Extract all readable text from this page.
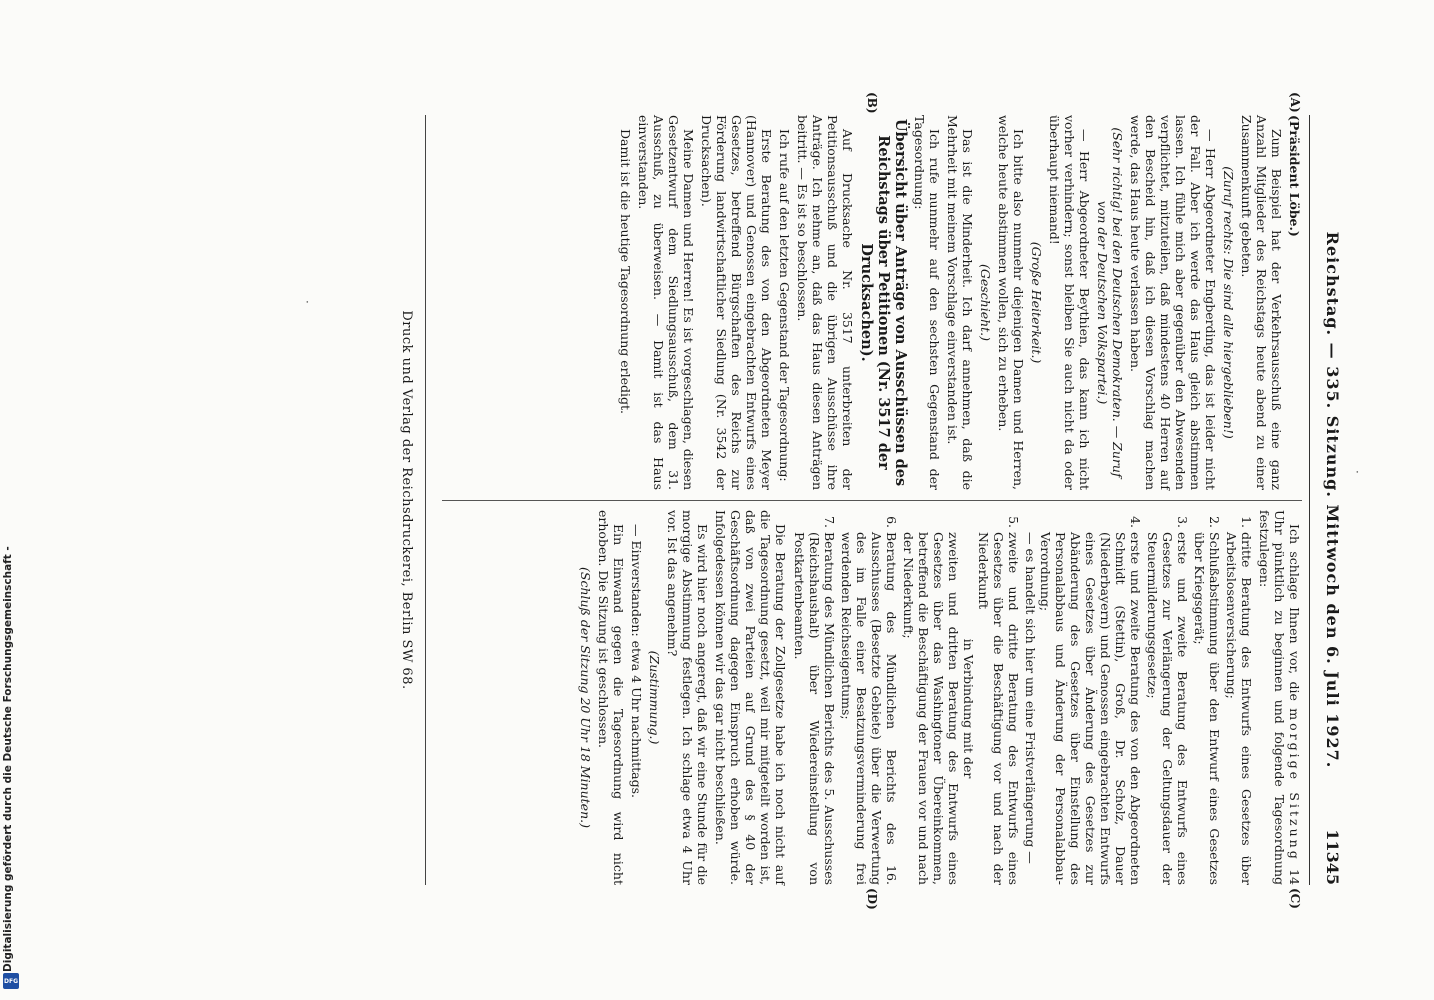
Reichstag. — 335. Sitzung. Mittwoch den 6. Juli 1927.
11345
(A)
(B)
(C)
(D)

(Präsident Löbe.)

Zum Beispiel hat der Verkehrsausschuß eine ganz Anzahl Mitglieder des Reichstags heute abend zu einer Zusammenkunft gebeten.

(Zuruf rechts: Die sind alle hiergeblieben!)

— Herr Abgeordneter Engberding, das ist leider nicht der Fall. Aber ich werde das Haus gleich abstimmen lassen. Ich fühle mich aber gegenüber den Abwesenden verpflichtet, mitzuteilen, daß mindestens 40 Herren auf den Bescheid hin, daß ich diesen Vorschlag machen werde, das Haus heute verlassen haben.

(Sehr richtig! bei den Deutschen Demokraten. — Zuruf von der Deutschen Volkspartei.)

— Herr Abgeordneter Beythien, das kann ich nicht vorher verhindern; sonst bleiben Sie auch nicht da oder überhaupt niemand!

(Große Heiterkeit.)

Ich bitte also nunmehr diejenigen Damen und Herren, welche heute abstimmen wollen, sich zu erheben.

(Geschieht.)

Das ist die Minderheit. Ich darf annehmen, daß die Mehrheit mit meinem Vorschlage einverstanden ist.

Ich rufe nunmehr auf den sechsten Gegenstand der Tagesordnung:

Übersicht über Anträge von Ausschüssen des Reichstags über Petitionen (Nr. 3517 der Drucksachen).

Auf Drucksache Nr. 3517 unterbreiten der Petitionsausschuß und die übrigen Ausschüsse ihre Anträge. Ich nehme an, daß das Haus diesen Anträgen beitritt. — Es ist so beschlossen.

Ich rufe auf den letzten Gegenstand der Tagesordnung:

Erste Beratung des von den Abgeordneten Meyer (Hannover) und Genossen eingebrachten Entwurfs eines Gesetzes, betreffend Bürgschaften des Reichs zur Förderung landwirtschaftlicher Siedlung (Nr. 3542 der Drucksachen).

Meine Damen und Herren! Es ist vorgeschlagen, diesen Gesetzentwurf dem Siedlungsausschuß, dem 31. Ausschuß, zu überweisen. — Damit ist das Haus einverstanden.

Damit ist die heutige Tagesordnung erledigt.

Ich schlage Ihnen vor, die morgige Sitzung 14 Uhr pünktlich zu beginnen und folgende Tagesordnung festzulegen:

1. dritte Beratung des Entwurfs eines Gesetzes über Arbeitslosenversicherung;
2. Schlußabstimmung über den Entwurf eines Gesetzes über Kriegsgerät;
3. erste und zweite Beratung des Entwurfs eines Gesetzes zur Verlängerung der Geltungsdauer der Steuermilderungsgesetze;
4. erste und zweite Beratung des von den Abgeordneten Schmidt (Stettin), Groß, Dr. Scholz, Dauer (Niederbayern) und Genossen eingebrachten Entwurfs eines Gesetzes über Änderung des Gesetzes zur Abänderung des Gesetzes über Einstellung des Personalabbaus und Änderung der Personalabbau-Verordnung;
— es handelt sich hier um eine Fristverlängerung —
5. zweite und dritte Beratung des Entwurfs eines Gesetzes über die Beschäftigung vor und nach der Niederkunft
in Verbindung mit der
zweiten und dritten Beratung des Entwurfs eines Gesetzes über das Washingtoner Übereinkommen, betreffend die Beschäftigung der Frauen vor und nach der Niederkunft;
6. Beratung des Mündlichen Berichts des 16. Ausschusses (Besetzte Gebiete) über die Verwertung des im Falle einer Besatzungsverminderung frei werdenden Reichseigentums;
7. Beratung des Mündlichen Berichts des 5. Ausschusses (Reichshaushalt) über Wiedereinstellung von Postkartenbeamten.

Die Beratung der Zollgesetze habe ich noch nicht auf die Tagesordnung gesetzt, weil mir mitgeteilt worden ist, daß von zwei Parteien auf Grund des § 40 der Geschäftsordnung dagegen Einspruch erhoben würde. Infolgedessen können wir das gar nicht beschließen.

Es wird hier noch angeregt, daß wir eine Stunde für die morgige Abstimmung festlegen. Ich schlage etwa 4 Uhr vor. Ist das angenehm?

(Zustimmung.)

— Einverstanden: etwa 4 Uhr nachmittags.

Ein Einwand gegen die Tagesordnung wird nicht erhoben. Die Sitzung ist geschlossen.

(Schluß der Sitzung 20 Uhr 18 Minuten.)

Druck und Verlag der Reichsdruckerei, Berlin SW 68.	·
·
Digitalisierung gefördert durch die Deutsche Forschungsgemeinschaft -
DFG
